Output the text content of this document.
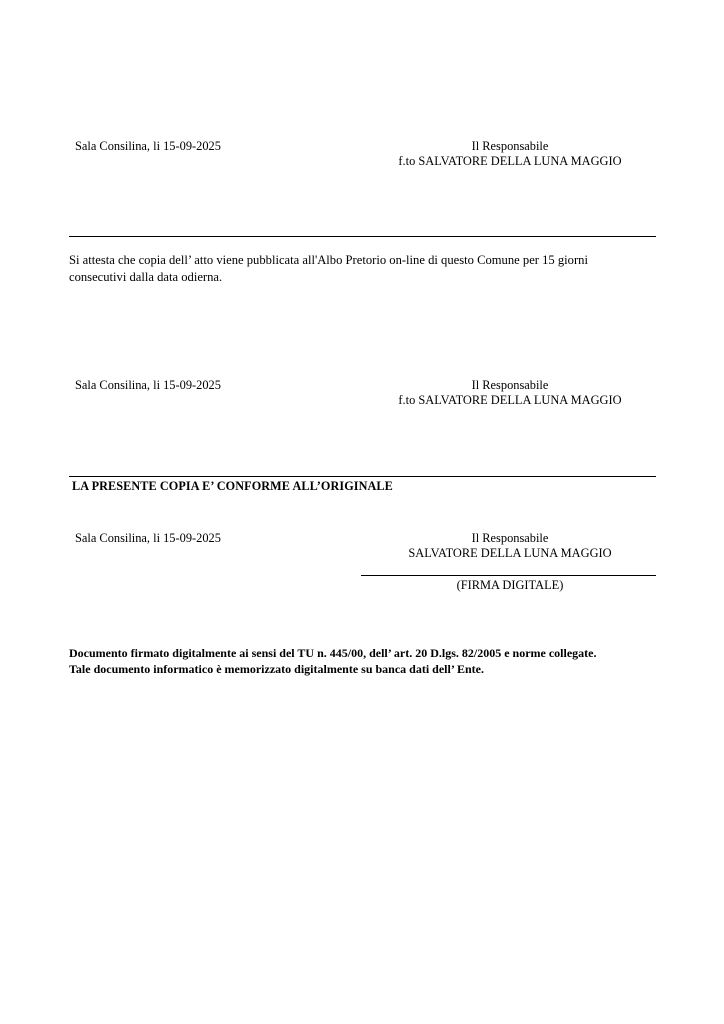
Sala Consilina, li 15-09-2025	Il Responsabile
f.to SALVATORE DELLA LUNA MAGGIO
Si attesta che copia dell’ atto viene pubblicata all'Albo Pretorio on-line di questo Comune per 15 giorni
consecutivi dalla data odierna.
Sala Consilina, li 15-09-2025	Il Responsabile
f.to SALVATORE DELLA LUNA MAGGIO
LA PRESENTE COPIA E’ CONFORME ALL’ORIGINALE
Sala Consilina, li 15-09-2025	Il Responsabile
SALVATORE DELLA LUNA MAGGIO
(FIRMA DIGITALE)
Documento firmato digitalmente ai sensi del TU n. 445/00, dell’ art. 20 D.lgs. 82/2005 e norme collegate.
Tale documento informatico è memorizzato digitalmente su banca dati dell’ Ente.
